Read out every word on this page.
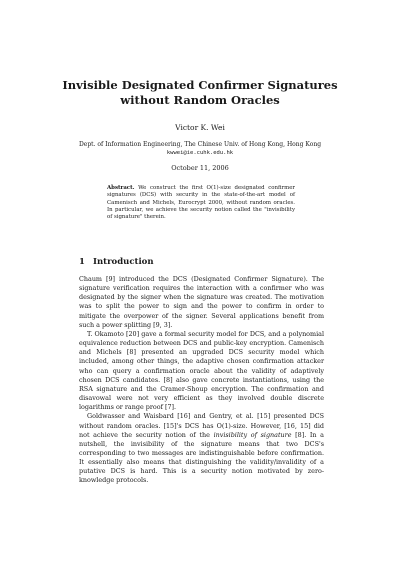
Invisible Designated Confirmer Signatures
without Random Oracles
Victor K. Wei
Dept. of Information Engineering, The Chinese Univ. of Hong Kong, Hong Kong
kwwei@ie.cuhk.edu.hk
October 11, 2006
Abstract. We construct the first O(1)-size designated confirmer signatures (DCS) with security in the state-of-the-art model of Camenisch and Michels, Eurocrypt 2000, without random oracles. In particular, we achieve the security notion called the "invisibility of signature" therein.
1 Introduction

Chaum [9] introduced the DCS (Designated Confirmer Signature). The signature verification requires the interaction with a confirmer who was designated by the signer when the signature was created. The motivation was to split the power to sign and the power to confirm in order to mitigate the overpower of the signer. Several applications benefit from such a power splitting [9, 3].

T. Okamoto [20] gave a formal security model for DCS, and a polynomial equivalence reduction between DCS and public-key encryption. Camenisch and Michels [8] presented an upgraded DCS security model which included, among other things, the adaptive chosen confirmation attacker who can query a confirmation oracle about the validity of adaptively chosen DCS candidates. [8] also gave concrete instantiations, using the RSA signature and the Cramer-Shoup encryption. The confirmation and disavowal were not very efficient as they involved double discrete logarithms or range proof [7].

Goldwasser and Waisbard [16] and Gentry, et al. [15] presented DCS without random oracles. [15]'s DCS has O(1)-size. However, [16, 15] did not achieve the security notion of the invisibility of signature [8]. In a nutshell, the invisibility of the signature means that two DCS's corresponding to two messages are indistinguishable before confirmation. It essentially also means that distinguishing the validity/invalidity of a putative DCS is hard. This is a security notion motivated by zero-knowledge protocols.
